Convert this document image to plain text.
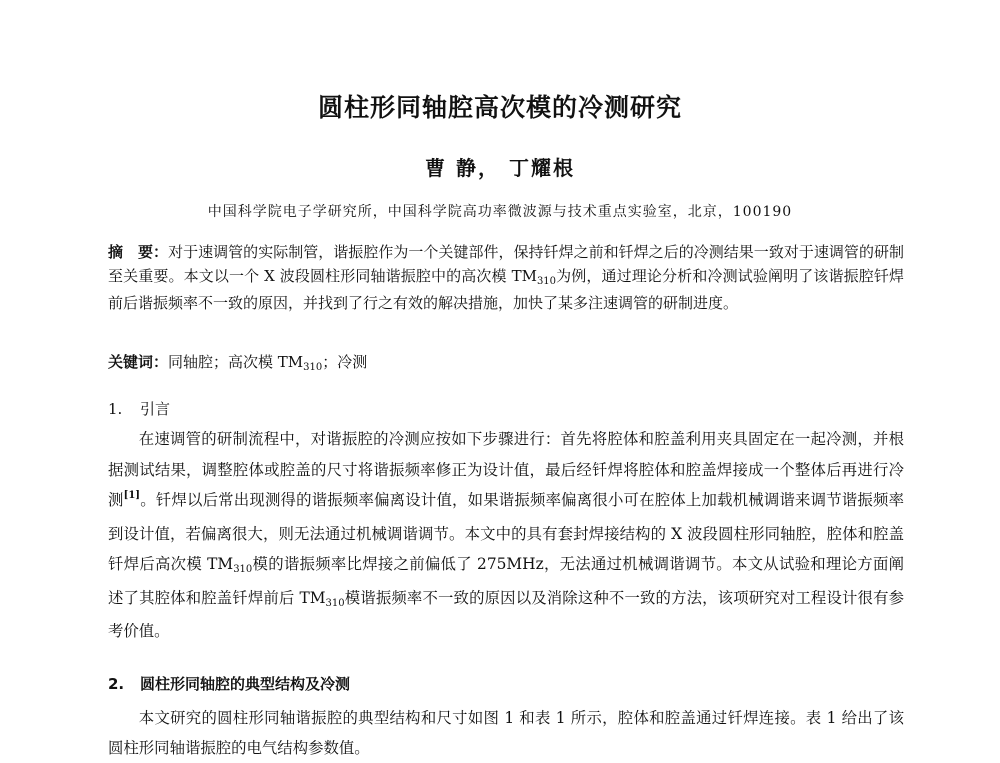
圆柱形同轴腔高次模的冷测研究
曹 静， 丁耀根
中国科学院电子学研究所，中国科学院高功率微波源与技术重点实验室，北京，100190
摘　要：对于速调管的实际制管，谐振腔作为一个关键部件，保持钎焊之前和钎焊之后的冷测结果一致对于速调管的研制至关重要。本文以一个 X 波段圆柱形同轴谐振腔中的高次模 $TM_{310}$为例，通过理论分析和冷测试验阐明了该谐振腔钎焊前后谐振频率不一致的原因，并找到了行之有效的解决措施，加快了某多注速调管的研制进度。
关键词：同轴腔；高次模 $TM_{310}$；冷测
1. 引言
在速调管的研制流程中，对谐振腔的冷测应按如下步骤进行：首先将腔体和腔盖利用夹具固定在一起冷测，并根据测试结果，调整腔体或腔盖的尺寸将谐振频率修正为设计值，最后经钎焊将腔体和腔盖焊接成一个整体后再进行冷测[1]。钎焊以后常出现测得的谐振频率偏离设计值，如果谐振频率偏离很小可在腔体上加载机械调谐来调节谐振频率到设计值，若偏离很大，则无法通过机械调谐调节。本文中的具有套封焊接结构的 X 波段圆柱形同轴腔，腔体和腔盖钎焊后高次模 TM310模的谐振频率比焊接之前偏低了 275MHz，无法通过机械调谐调节。本文从试验和理论方面阐述了其腔体和腔盖钎焊前后 TM310模谐振频率不一致的原因以及消除这种不一致的方法，该项研究对工程设计很有参考价值。
2. 圆柱形同轴腔的典型结构及冷测
本文研究的圆柱形同轴谐振腔的典型结构和尺寸如图 1 和表 1 所示，腔体和腔盖通过钎焊连接。表 1 给出了该圆柱形同轴谐振腔的电气结构参数值。
